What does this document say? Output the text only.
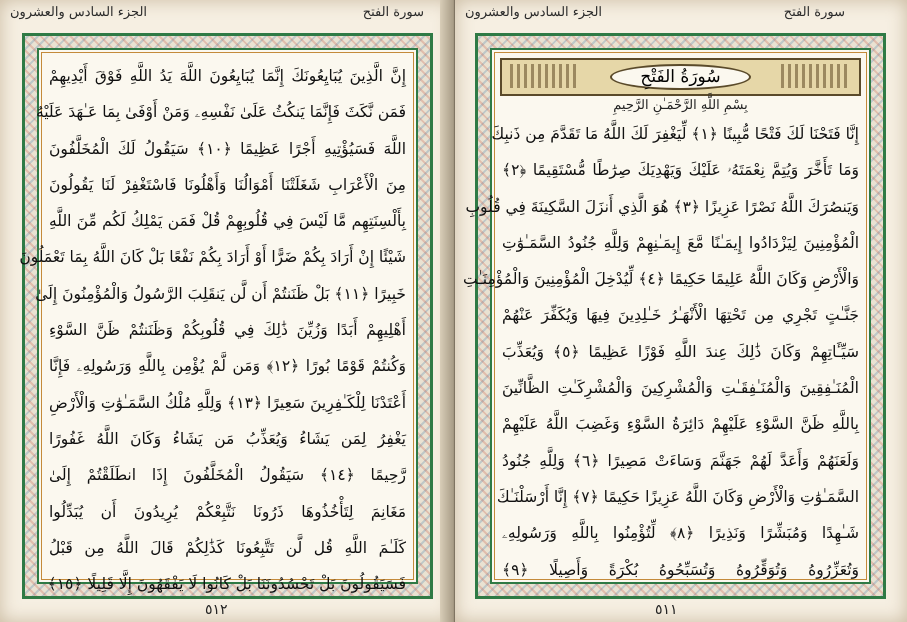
الجزء السادس والعشرون	سورة الفتح
إِنَّ الَّذِينَ يُبَايِعُونَكَ إِنَّمَا يُبَايِعُونَ اللَّهَ يَدُ اللَّهِ فَوْقَ أَيْدِيهِمْ
فَمَن نَّكَثَ فَإِنَّمَا يَنكُثُ عَلَىٰ نَفْسِهِۦ وَمَنْ أَوْفَىٰ بِمَا عَـٰهَدَ عَلَيْهُ
اللَّهَ فَسَيُؤْتِيهِ أَجْرًا عَظِيمًا ﴿١٠﴾ سَيَقُولُ لَكَ الْمُخَلَّفُونَ
مِنَ الْأَعْرَابِ شَغَلَتْنَا أَمْوَالُنَا وَأَهْلُونَا فَاسْتَغْفِرْ لَنَا يَقُولُونَ
بِأَلْسِنَتِهِم مَّا لَيْسَ فِي قُلُوبِهِمْ قُلْ فَمَن يَمْلِكُ لَكُم مِّنَ اللَّهِ
شَيْئًا إِنْ أَرَادَ بِكُمْ ضَرًّا أَوْ أَرَادَ بِكُمْ نَفْعًا بَلْ كَانَ اللَّهُ بِمَا تَعْمَلُونَ
خَبِيرًا ﴿١١﴾ بَلْ ظَنَنتُمْ أَن لَّن يَنقَلِبَ الرَّسُولُ وَالْمُؤْمِنُونَ إِلَىٰ
أَهْلِيهِمْ أَبَدًا وَزُيِّنَ ذَٰلِكَ فِي قُلُوبِكُمْ وَظَنَنتُمْ ظَنَّ السَّوْءِ
وَكُنتُمْ قَوْمًا بُورًا ﴿١٢﴾ وَمَن لَّمْ يُؤْمِن بِاللَّهِ وَرَسُولِهِۦ فَإِنَّا
أَعْتَدْنَا لِلْكَـٰفِرِينَ سَعِيرًا ﴿١٣﴾ وَلِلَّهِ مُلْكُ السَّمَـٰوَٰتِ وَالْأَرْضِ
يَغْفِرُ لِمَن يَشَاءُ وَيُعَذِّبُ مَن يَشَاءُ وَكَانَ اللَّهُ غَفُورًا
رَّحِيمًا ﴿١٤﴾ سَيَقُولُ الْمُخَلَّفُونَ إِذَا انطَلَقْتُمْ إِلَىٰ
مَغَانِمَ لِتَأْخُذُوهَا ذَرُونَا نَتَّبِعْكُمْ يُرِيدُونَ أَن يُبَدِّلُوا
كَلَـٰمَ اللَّهِ قُل لَّن تَتَّبِعُونَا كَذَٰلِكُمْ قَالَ اللَّهُ مِن قَبْلُ
فَسَيَقُولُونَ بَلْ تَحْسُدُونَنَا بَلْ كَانُوا لَا يَفْقَهُونَ إِلَّا قَلِيلًا ﴿١٥﴾
٥١٢
الجزء السادس والعشرون	سورة الفتح
سُورَةُ الفَتْحِ
بِسْمِ اللَّهِ الرَّحْمَـٰنِ الرَّحِيمِ
إِنَّا فَتَحْنَا لَكَ فَتْحًا مُّبِينًا ﴿١﴾ لِّيَغْفِرَ لَكَ اللَّهُ مَا تَقَدَّمَ مِن ذَنبِكَ
وَمَا تَأَخَّرَ وَيُتِمَّ نِعْمَتَهُۥ عَلَيْكَ وَيَهْدِيَكَ صِرَٰطًا مُّسْتَقِيمًا ﴿٢﴾
وَيَنصُرَكَ اللَّهُ نَصْرًا عَزِيزًا ﴿٣﴾ هُوَ الَّذِي أَنزَلَ السَّكِينَةَ فِي قُلُوبِ
الْمُؤْمِنِينَ لِيَزْدَادُوا إِيمَـٰنًا مَّعَ إِيمَـٰنِهِمْ وَلِلَّهِ جُنُودُ السَّمَـٰوَٰتِ
وَالْأَرْضِ وَكَانَ اللَّهُ عَلِيمًا حَكِيمًا ﴿٤﴾ لِّيُدْخِلَ الْمُؤْمِنِينَ وَالْمُؤْمِنَـٰتِ
جَنَّـٰتٍ تَجْرِي مِن تَحْتِهَا الْأَنْهَـٰرُ خَـٰلِدِينَ فِيهَا وَيُكَفِّرَ عَنْهُمْ
سَيِّـَٔاتِهِمْ وَكَانَ ذَٰلِكَ عِندَ اللَّهِ فَوْزًا عَظِيمًا ﴿٥﴾ وَيُعَذِّبَ
الْمُنَـٰفِقِينَ وَالْمُنَـٰفِقَـٰتِ وَالْمُشْرِكِينَ وَالْمُشْرِكَـٰتِ الظَّانِّينَ
بِاللَّهِ ظَنَّ السَّوْءِ عَلَيْهِمْ دَائِرَةُ السَّوْءِ وَغَضِبَ اللَّهُ عَلَيْهِمْ
وَلَعَنَهُمْ وَأَعَدَّ لَهُمْ جَهَنَّمَ وَسَاءَتْ مَصِيرًا ﴿٦﴾ وَلِلَّهِ جُنُودُ
السَّمَـٰوَٰتِ وَالْأَرْضِ وَكَانَ اللَّهُ عَزِيزًا حَكِيمًا ﴿٧﴾ إِنَّا أَرْسَلْنَـٰكَ
شَـٰهِدًا وَمُبَشِّرًا وَنَذِيرًا ﴿٨﴾ لِّتُؤْمِنُوا بِاللَّهِ وَرَسُولِهِۦ
وَتُعَزِّرُوهُ وَتُوَقِّرُوهُ وَتُسَبِّحُوهُ بُكْرَةً وَأَصِيلًا ﴿٩﴾
٥١١
